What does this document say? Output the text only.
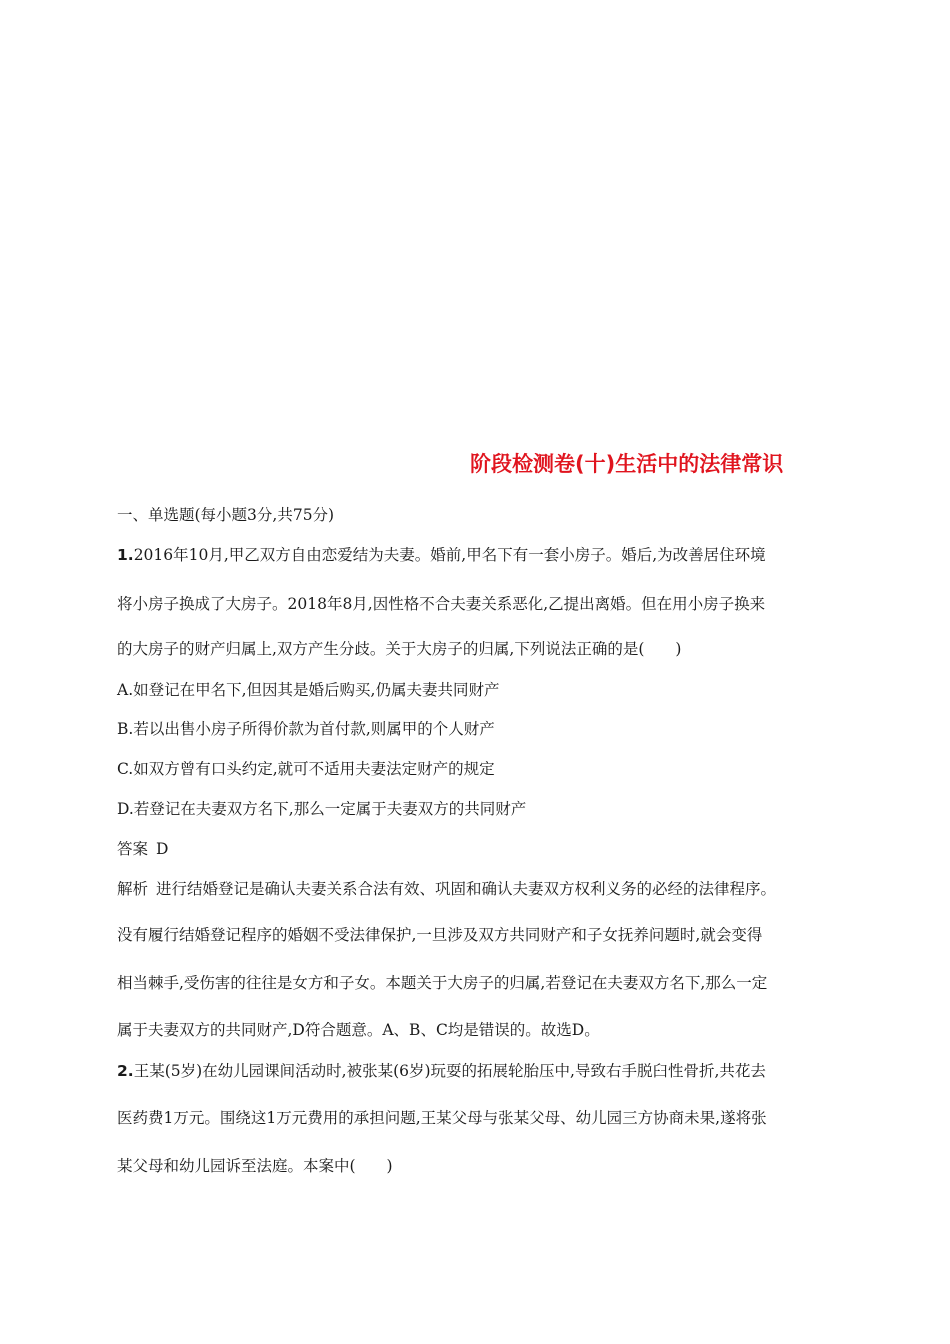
阶段检测卷(十)生活中的法律常识
一、单选题(每小题3分,共75分)
1.2016年10月,甲乙双方自由恋爱结为夫妻。婚前,甲名下有一套小房子。婚后,为改善居住环境
将小房子换成了大房子。2018年8月,因性格不合夫妻关系恶化,乙提出离婚。但在用小房子换来
的大房子的财产归属上,双方产生分歧。关于大房子的归属,下列说法正确的是(　　)
A.如登记在甲名下,但因其是婚后购买,仍属夫妻共同财产
B.若以出售小房子所得价款为首付款,则属甲的个人财产
C.如双方曾有口头约定,就可不适用夫妻法定财产的规定
D.若登记在夫妻双方名下,那么一定属于夫妻双方的共同财产
答案 D
解析 进行结婚登记是确认夫妻关系合法有效、巩固和确认夫妻双方权利义务的必经的法律程序。
没有履行结婚登记程序的婚姻不受法律保护,一旦涉及双方共同财产和子女抚养问题时,就会变得
相当棘手,受伤害的往往是女方和子女。本题关于大房子的归属,若登记在夫妻双方名下,那么一定
属于夫妻双方的共同财产,D符合题意。A、B、C均是错误的。故选D。
2.王某(5岁)在幼儿园课间活动时,被张某(6岁)玩耍的拓展轮胎压中,导致右手脱臼性骨折,共花去
医药费1万元。围绕这1万元费用的承担问题,王某父母与张某父母、幼儿园三方协商未果,遂将张
某父母和幼儿园诉至法庭。本案中(　　)
